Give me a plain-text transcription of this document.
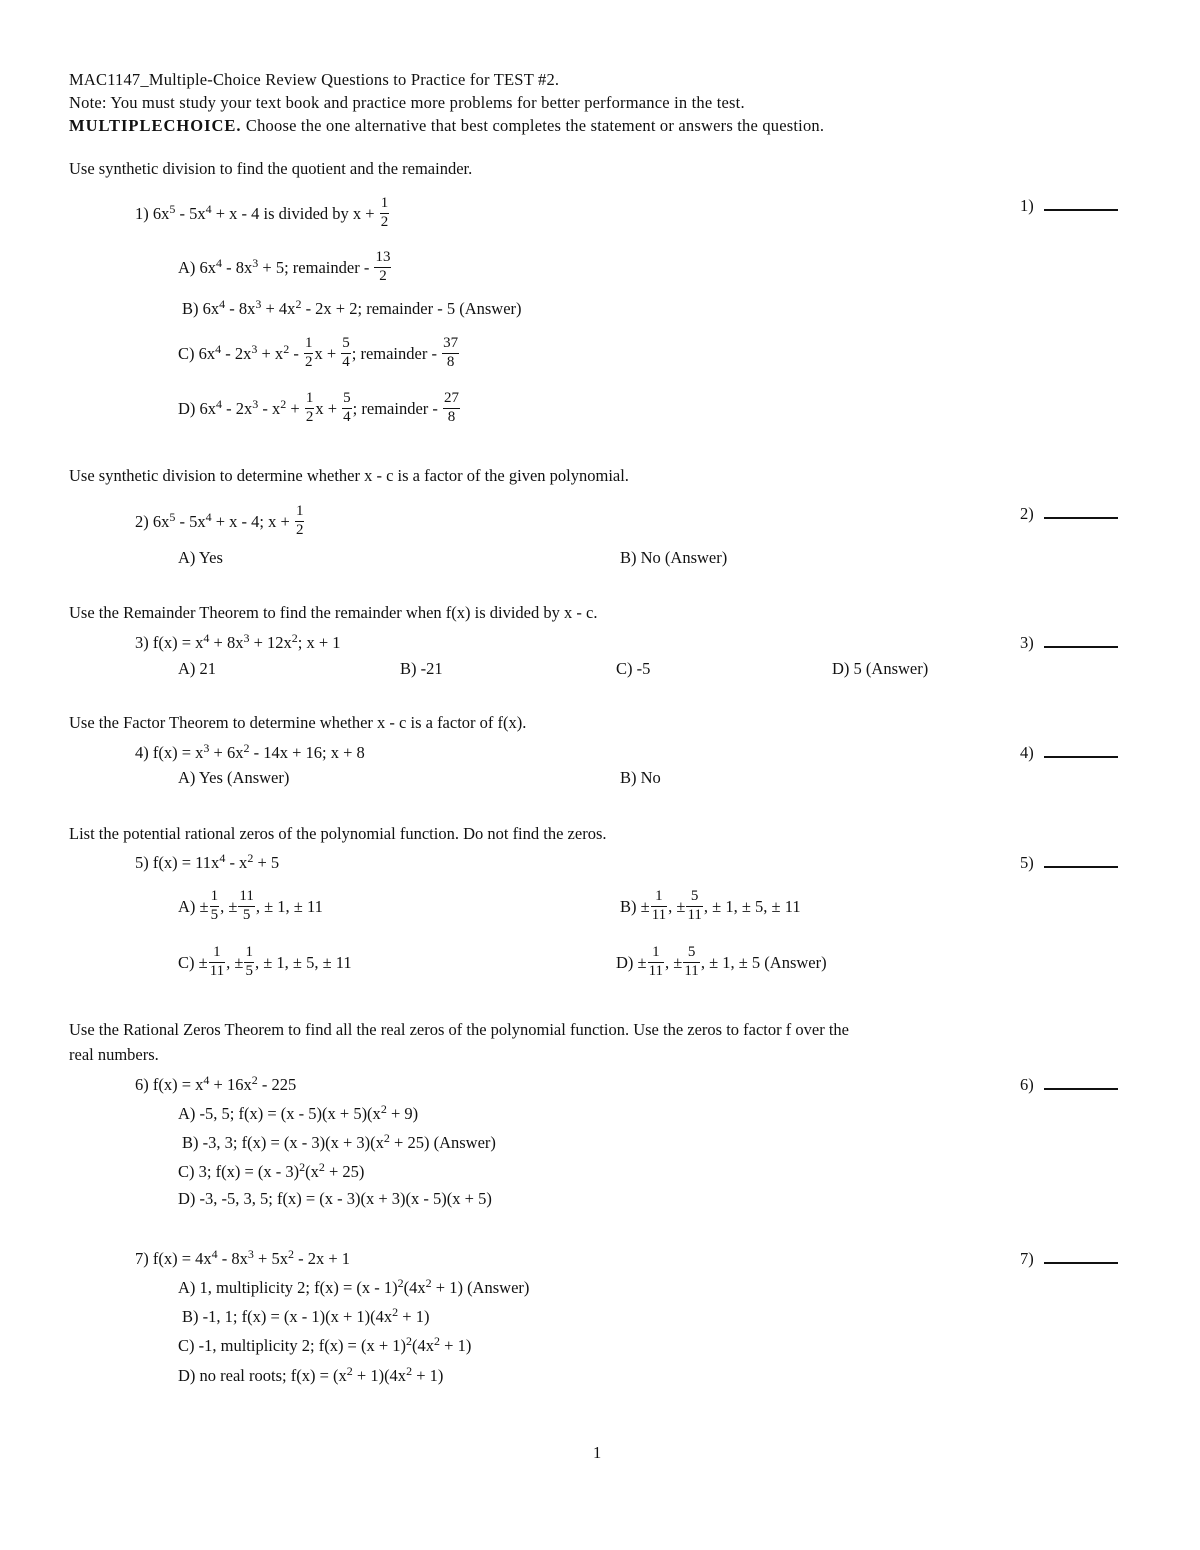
MAC1147_Multiple-Choice Review Questions to Practice for TEST #2.
Note: You must study your text book and practice more problems for better performance in the test.
MULTIPLECHOICE. Choose the one alternative that best completes the statement or answers the question.
Use synthetic division to find the quotient and the remainder.
1) $6x^5 - 5x^4 + x - 4$ is divided by $x + \frac{1}{2}$	1)
A) $6x^4 - 8x^3 + 5$; remainder - $\frac{13}{2}$
B) $6x^4 - 8x^3 + 4x^2 - 2x + 2$; remainder - 5 (Answer)
C) $6x^4 - 2x^3 + x^2 - \frac{1}{2}$ $x + \frac{5}{4}$ ; remainder - $\frac{37}{8}$
D) $6x^4 - 2x^3 - x^2 + \frac{1}{2}$ $x + \frac{5}{4}$ ; remainder - $\frac{27}{8}$
Use synthetic division to determine whether x - c is a factor of the given polynomial.
2) $6x^5 - 5x^4 + x - 4$; $x + \frac{1}{2}$	2)
A) Yes	B) No (Answer)
Use the Remainder Theorem to find the remainder when f(x) is divided by x - c.
3) $f(x) = x^4 + 8x^3 + 12x^2$; x + 1	3)
A) 21	B) -21	C) -5	D) 5 (Answer)
Use the Factor Theorem to determine whether x - c is a factor of f(x).
4) $f(x) = x^3 + 6x^2 - 14x + 16$; x + 8	4)
A) Yes (Answer)	B) No
List the potential rational zeros of the polynomial function. Do not find the zeros.
5) $f(x) = 11x^4 - x^2 + 5$	5)
$A) \pm \frac{1}{5}$ , ± $\frac{11}{5}$ , ± 1, ± 11	$B) \pm \frac{1}{11}$ , ± $\frac{5}{11}$ , ± 1, ± 5, ± 11
$C) \pm \frac{1}{11}$ , ± $\frac{1}{5}$ , ± 1, ± 5, ± 11	$D) \pm \frac{1}{11}$ , ± $\frac{5}{11}$ , ± 1, ± 5 (Answer)
Use the Rational Zeros Theorem to find all the real zeros of the polynomial function. Use the zeros to factor f over the
real numbers.
6) $f(x) = x^4 + 16x^2 - 225$	6)
A) -5, 5; $f(x) = (x - 5)(x + 5)(x^2 + 9)$
B) -3, 3; $f(x) = (x - 3)(x + 3)(x^2 + 25)$ (Answer)
C) 3; $f(x) = (x - 3)^2(x^2 + 25)$
D) -3, -5, 3, 5; f(x) = (x - 3)(x + 3)(x - 5)(x + 5)
7) $f(x) = 4x^4 - 8x^3 + 5x^2 - 2x + 1$	7)
A) 1, multiplicity 2; $f(x) = (x - 1)^2(4x^2 + 1)$ (Answer)
B) -1, 1; $f(x) = (x - 1)(x + 1)(4x^2 + 1)$
C) -1, multiplicity 2; $f(x) = (x + 1)^2(4x^2 + 1)$
D) no real roots; $f(x) = (x^2 + 1)(4x^2 + 1)$
1
